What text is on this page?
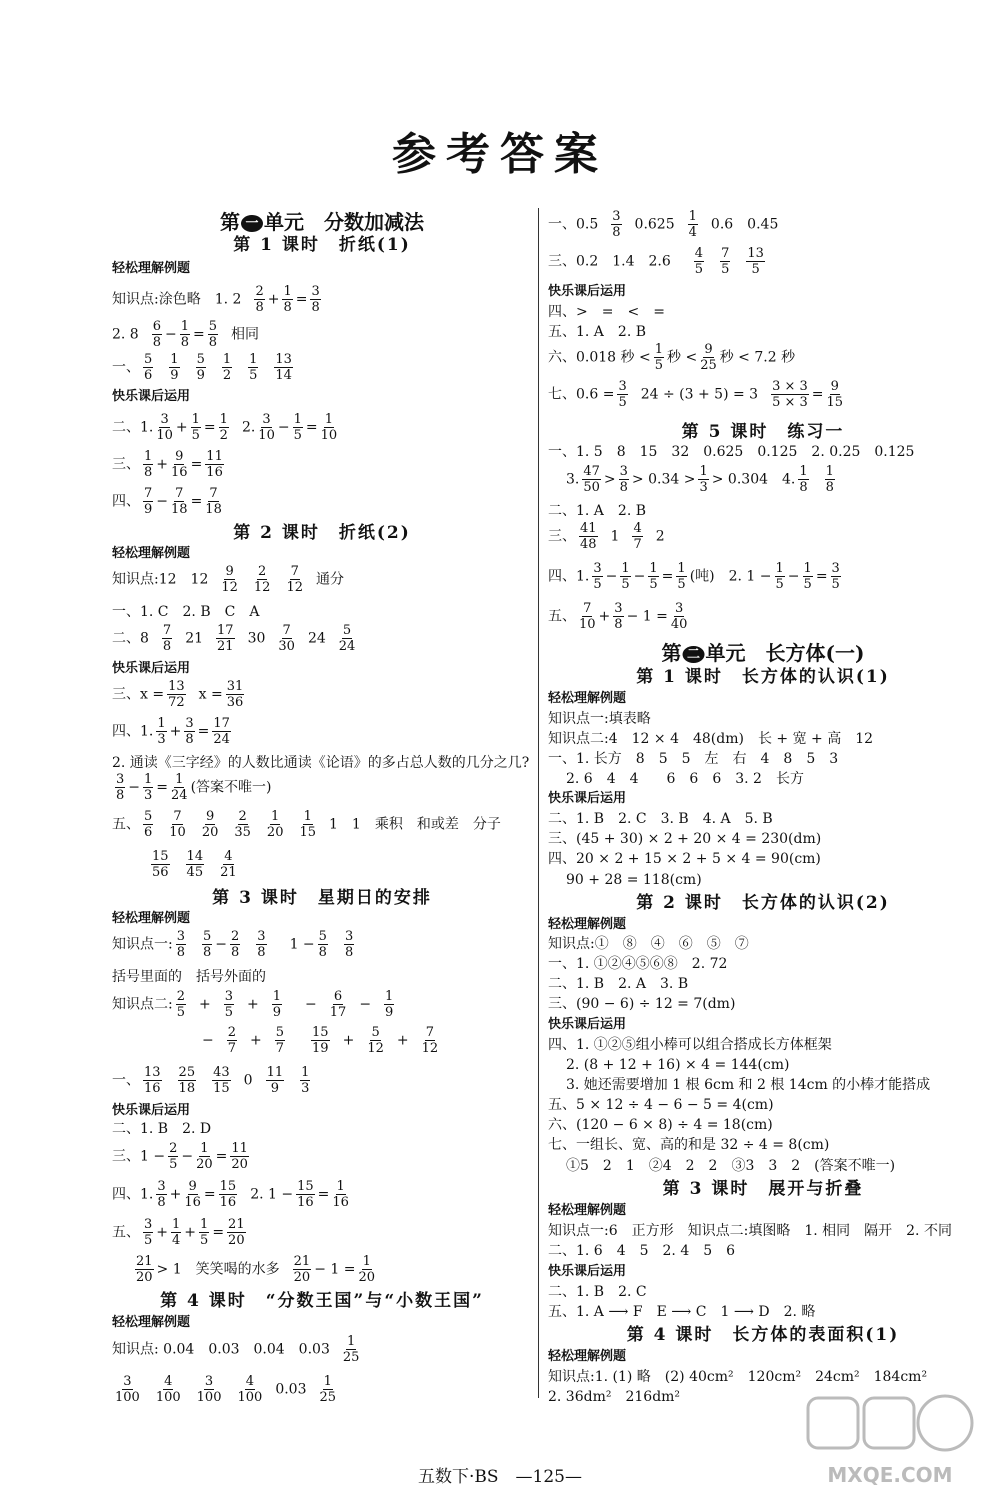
参考答案
第 一 单元　分数加减法
第 1 课时　折纸(1)
轻松理解例题
知识点:涂色略　1. $2 \frac{2}{8} + \frac{1}{8} = \frac{3}{8}$
2. $8 \frac{6}{8} - \frac{1}{8} = \frac{5}{8}$ 相同
一、 $\frac{5}{6} \frac{1}{9} \frac{5}{9} \frac{1}{2} \frac{1}{5} \frac{13}{14}$
快乐课后运用
二、1. $\frac{3}{10} + \frac{1}{5} = \frac{1}{2} 2$. $\frac{3}{10} - \frac{1}{5} = \frac{1}{10}$
三、 $\frac{1}{8} + \frac{9}{16} = \frac{11}{16}$
四、 $\frac{7}{9} - \frac{7}{18} = \frac{7}{18}$
第 2 课时　折纸(2)
轻松理解例题
知识点:12　$12 \frac{9}{12} \frac{2}{12} \frac{7}{12}$ 通分
一、1. C　2. B　C　A
二、$8 \frac{7}{8} 21 \frac{17}{21} 30 \frac{7}{30} 24 \frac{5}{24}$
快乐课后运用
三、$x = \frac{13}{72}$ $x = \frac{31}{36}$
四、1. $\frac{1}{3} + \frac{3}{8} = \frac{17}{24}$
2. 通读《三字经》的人数比通读《论语》的多占总人数的几分之几?
$\frac{3}{8} - \frac{1}{3} = \frac{1}{24}$ (答案不唯一)
五、 $\frac{5}{6} \frac{7}{10} \frac{9}{20} \frac{2}{35} \frac{1}{20} \frac{1}{15} 1$　1　乘积　和或差　分子
$\frac{15}{56} \frac{14}{45} \frac{4}{21}$
第 3 课时　星期日的安排
轻松理解例题
知识点一: $\frac{3}{8} \frac{5}{8} - \frac{2}{8} \frac{3}{8} 1 - \frac{5}{8} \frac{3}{8}$
括号里面的　括号外面的
知识点二: $\frac{2}{5} + \frac{3}{5} + \frac{1}{9} - \frac{6}{17} - \frac{1}{9}$
− $\frac{2}{7} + \frac{5}{7} \frac{15}{19} + \frac{5}{12} + \frac{7}{12}$
一、 $\frac{13}{16} \frac{25}{18} \frac{43}{15} 0 \frac{11}{9} \frac{1}{3}$
快乐课后运用
二、1. B　2. D
三、$1 - \frac{2}{5} - \frac{1}{20} = \frac{11}{20}$
四、1. $\frac{3}{8} + \frac{9}{16} = \frac{15}{16} 2$. $1 - \frac{15}{16} = \frac{1}{16}$
五、 $\frac{3}{5} + \frac{1}{4} + \frac{1}{5} = \frac{21}{20}$
$\frac{21}{20} > 1$　笑笑喝的水多 $\frac{21}{20} - 1 = \frac{1}{20}$
第 4 课时　“分数王国”与“小数王国”
轻松理解例题
知识点: 0.04　0.03　0.04　$0.03 \frac{1}{25}$
$\frac{3}{100} \frac{4}{100} \frac{3}{100} \frac{4}{100} 0.03 \frac{1}{25}$
一、$0.5 \frac{3}{8} 0.625 \frac{1}{4} 0.6$　0.45
三、0.2　1.4　$2.6 \frac{4}{5} \frac{7}{5} \frac{13}{5}$
快乐课后运用
四、>　=　<　=
五、1. A　2. B
六、0.018 秒 < $\frac{1}{5}$ 秒 < $\frac{9}{25}$ 秒 < 7.2 秒
七、$0.6 = \frac{3}{5} 24 \div (3 + 5) = 3 \frac{3 \times 3}{5 \times 3} = \frac{9}{15}$
第 5 课时　练习一
一、1. 5　8　15　32　0.625　0.125　2. 0.25　0.125
3. $\frac{47}{50} > \frac{3}{8} > 0.34 > \frac{1}{3} > 0.304$　4. $\frac{1}{8} \frac{1}{8}$
二、1. A　2. B
三、 $\frac{41}{48} 1 \frac{4}{7} 2$
四、1. $\frac{3}{5} - \frac{1}{5} - \frac{1}{5} = \frac{1}{5}$ (吨)　2. $1 - \frac{1}{5} - \frac{1}{5} = \frac{3}{5}$
五、 $\frac{7}{10} + \frac{3}{8} - 1 = \frac{3}{40}$
第 二 单元　长方体(一)
第 1 课时　长方体的认识(1)
轻松理解例题
知识点一:填表略
知识点二:4　12 × 4　48(dm)　长 + 宽 + 高　12
一、1. 长方　8　5　5　左　右　4　8　5　3
2. 6　4　4　　6　6　6　3. 2　长方
快乐课后运用
二、1. B　2. C　3. B　4. A　5. B
三、(45 + 30) × 2 + 20 × 4 = 230(dm)
四、20 × 2 + 15 × 2 + 5 × 4 = 90(cm)
90 + 28 = 118(cm)
第 2 课时　长方体的认识(2)
轻松理解例题
知识点:①　⑧　④　⑥　⑤　⑦
一、1. ①②④⑤⑥⑧　2. 72
二、1. B　2. A　3. B
三、(90 − 6) ÷ 12 = 7(dm)
快乐课后运用
四、1. ①②⑤组小棒可以组合搭成长方体框架
2. (8 + 12 + 16) × 4 = 144(cm)
3. 她还需要增加 1 根 6cm 和 2 根 14cm 的小棒才能搭成
五、5 × 12 ÷ 4 − 6 − 5 = 4(cm)
六、(120 − 6 × 8) ÷ 4 = 18(cm)
七、一组长、宽、高的和是 32 ÷ 4 = 8(cm)
①5　2　1　②4　2　2　③3　3　2　(答案不唯一)
第 3 课时　展开与折叠
轻松理解例题
知识点一:6　正方形　知识点二:填图略　1. 相同　隔开　2. 不同
二、1. 6　4　5　2. 4　5　6
快乐课后运用
二、1. B　2. C
五、1. A ⟶ F　E ⟶ C　1 ⟶ D　2. 略
第 4 课时　长方体的表面积(1)
轻松理解例题
知识点:1. (1) 略　(2) 40cm²　120cm²　24cm²　184cm²
2. 36dm²　216dm²
五数下·BS　—125—	MXQE.COM
